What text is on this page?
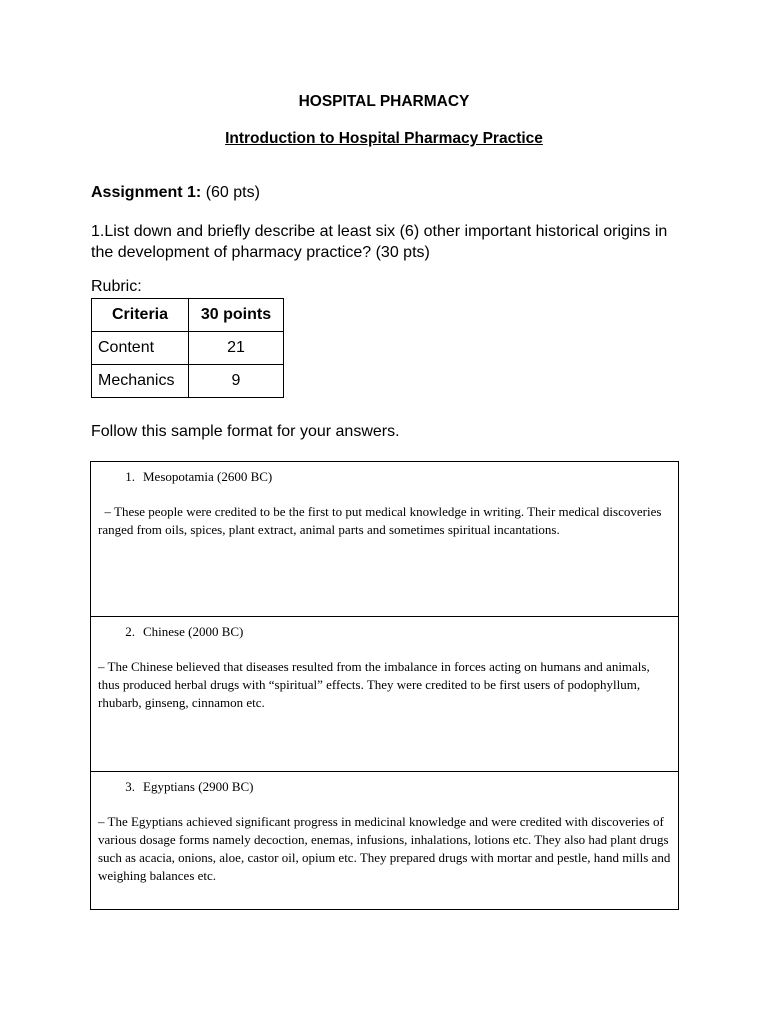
HOSPITAL PHARMACY
Introduction to Hospital Pharmacy Practice

Assignment 1: (60 pts)

1.List down and briefly describe at least six (6) other important historical origins in the development of pharmacy practice? (30 pts)

Rubric:

Criteria	30 points
Content	21
Mechanics	9

Follow this sample format for your answers.

1. Mesopotamia (2600 BC)

– These people were credited to be the first to put medical knowledge in writing. Their medical discoveries ranged from oils, spices, plant extract, animal parts and sometimes spiritual incantations.

2. Chinese (2000 BC)

– The Chinese believed that diseases resulted from the imbalance in forces acting on humans and animals, thus produced herbal drugs with “spiritual” effects. They were credited to be first users of podophyllum, rhubarb, ginseng, cinnamon etc.

3. Egyptians (2900 BC)

– The Egyptians achieved significant progress in medicinal knowledge and were credited with discoveries of various dosage forms namely decoction, enemas, infusions, inhalations, lotions etc. They also had plant drugs such as acacia, onions, aloe, castor oil, opium etc. They prepared drugs with mortar and pestle, hand mills and weighing balances etc.
